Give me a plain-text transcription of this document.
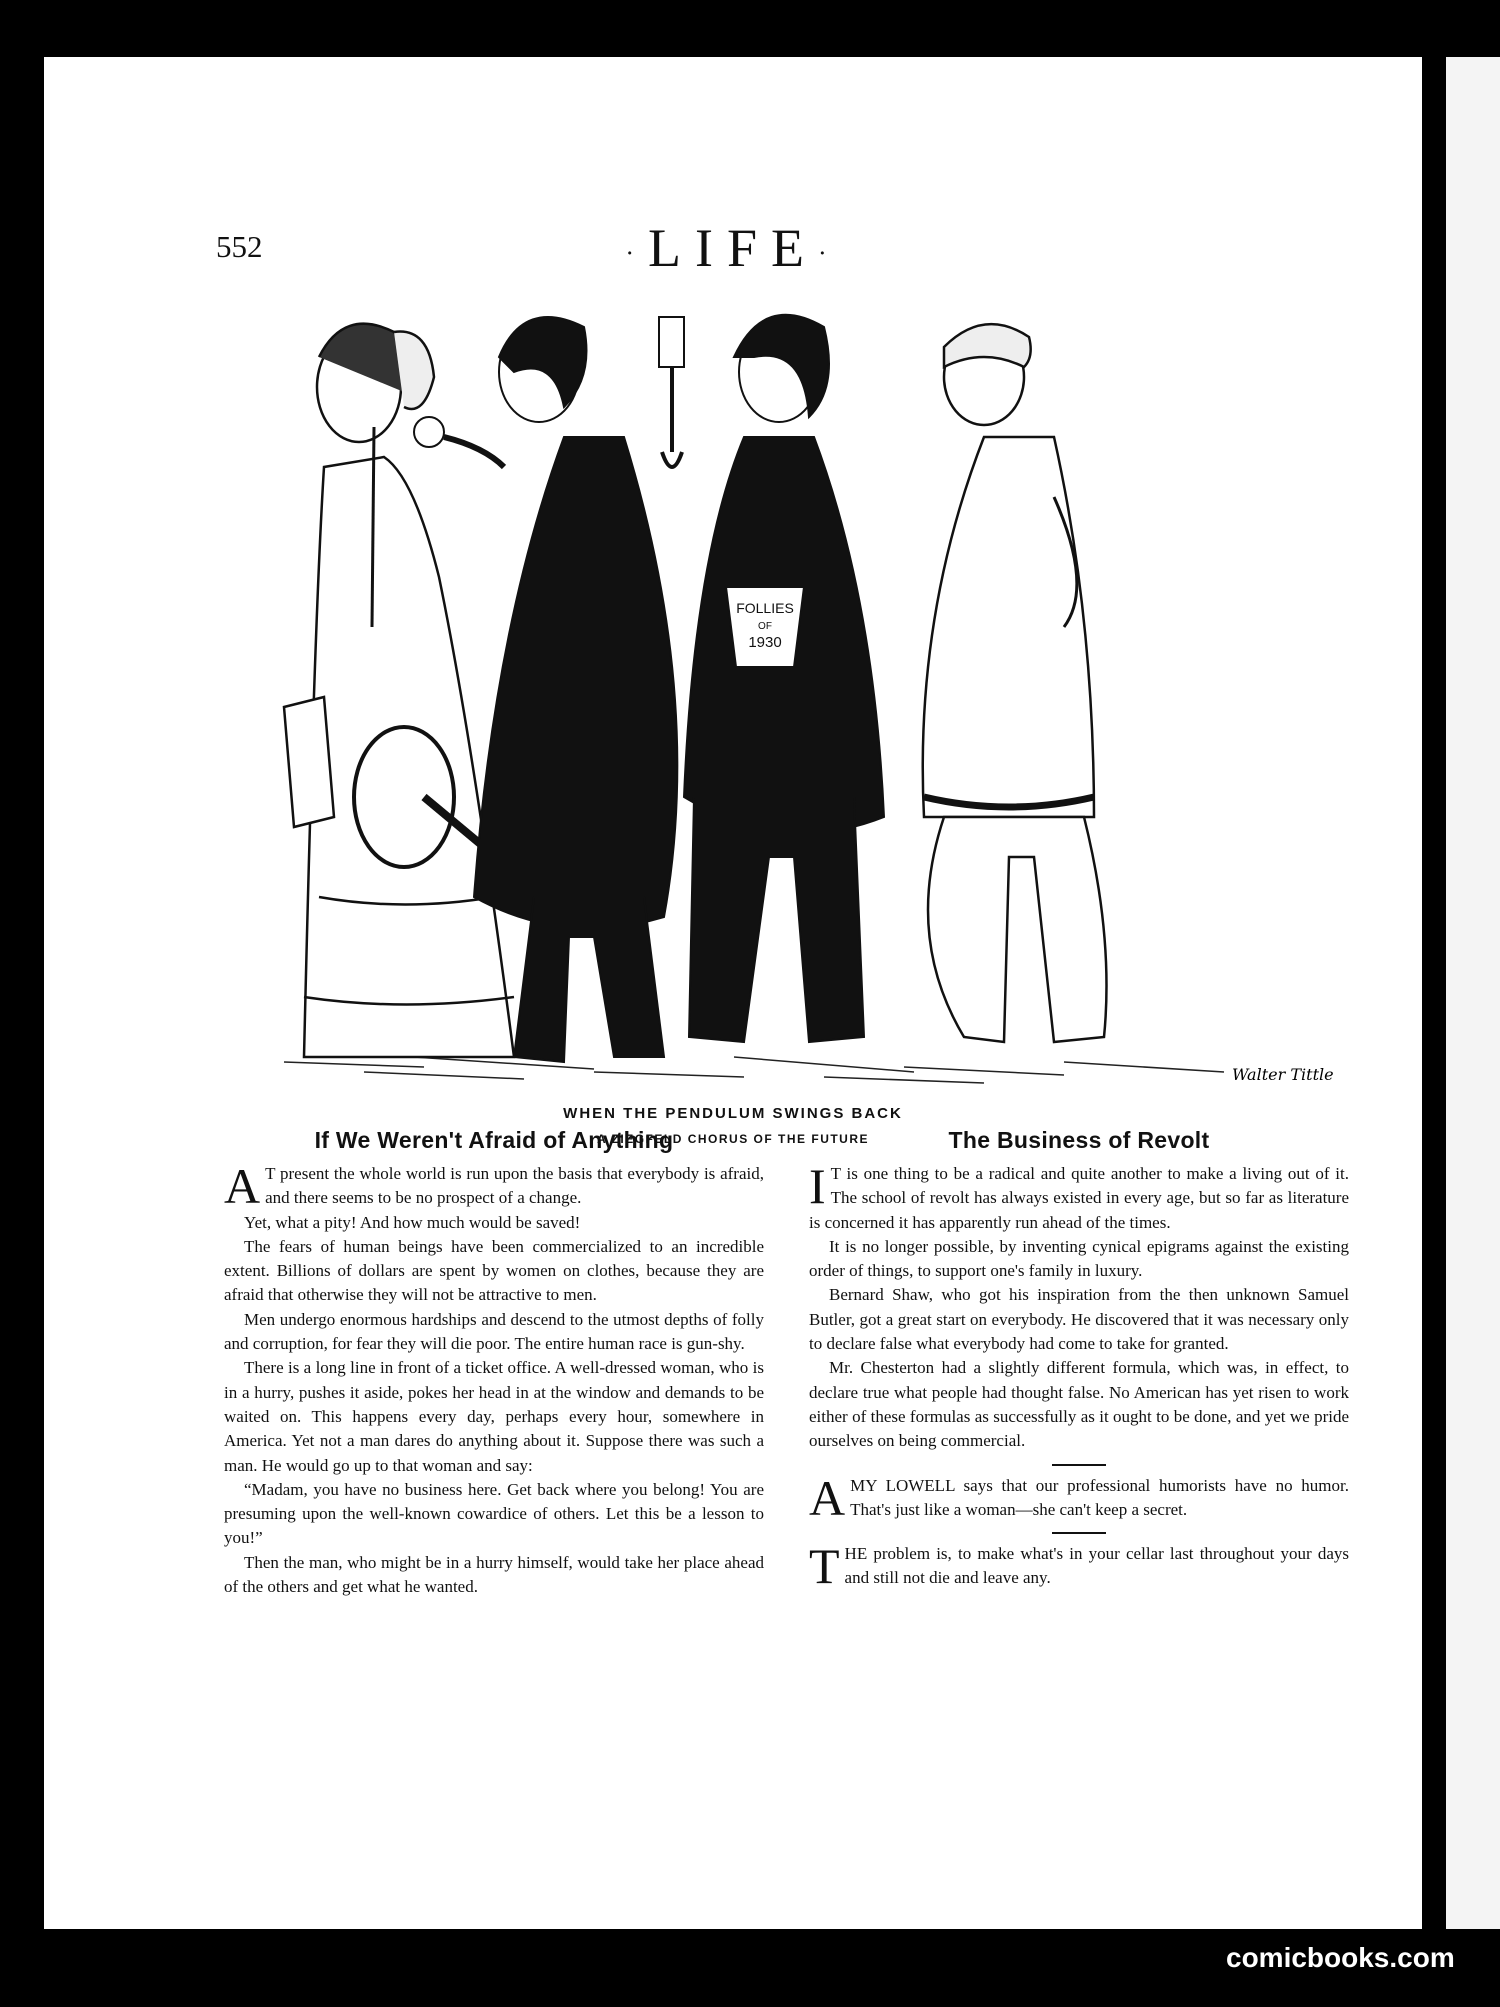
552	·LIFE·
FOLLIES
OF
1930
Walter Tittle
WHEN THE PENDULUM SWINGS BACK
A ZIEGFELD CHORUS OF THE FUTURE
If We Weren't Afraid of Anything

A T present the whole world is run upon the basis that everybody is afraid, and there seems to be no prospect of a change.

Yet, what a pity! And how much would be saved!

The fears of human beings have been commercialized to an incredible extent. Billions of dollars are spent by women on clothes, because they are afraid that otherwise they will not be attractive to men.

Men undergo enormous hardships and descend to the utmost depths of folly and corruption, for fear they will die poor. The entire human race is gun-shy.

There is a long line in front of a ticket office. A well-dressed woman, who is in a hurry, pushes it aside, pokes her head in at the window and demands to be waited on. This happens every day, perhaps every hour, somewhere in America. Yet not a man dares do anything about it. Suppose there was such a man. He would go up to that woman and say:

“Madam, you have no business here. Get back where you belong! You are presuming upon the well-known cowardice of others. Let this be a lesson to you!”

Then the man, who might be in a hurry himself, would take her place ahead of the others and get what he wanted.

The Business of Revolt

I T is one thing to be a radical and quite another to make a living out of it. The school of revolt has always existed in every age, but so far as literature is concerned it has apparently run ahead of the times.

It is no longer possible, by inventing cynical epigrams against the existing order of things, to support one's family in luxury.

Bernard Shaw, who got his inspiration from the then unknown Samuel Butler, got a great start on everybody. He discovered that it was necessary only to declare false what everybody had come to take for granted.

Mr. Chesterton had a slightly different formula, which was, in effect, to declare true what people had thought false. No American has yet risen to work either of these formulas as successfully as it ought to be done, and yet we pride ourselves on being commercial.

AMY LOWELL says that our professional humorists have no humor. That's just like a woman—she can't keep a secret.

THE problem is, to make what's in your cellar last throughout your days and still not die and leave any.

comicbooks.com
